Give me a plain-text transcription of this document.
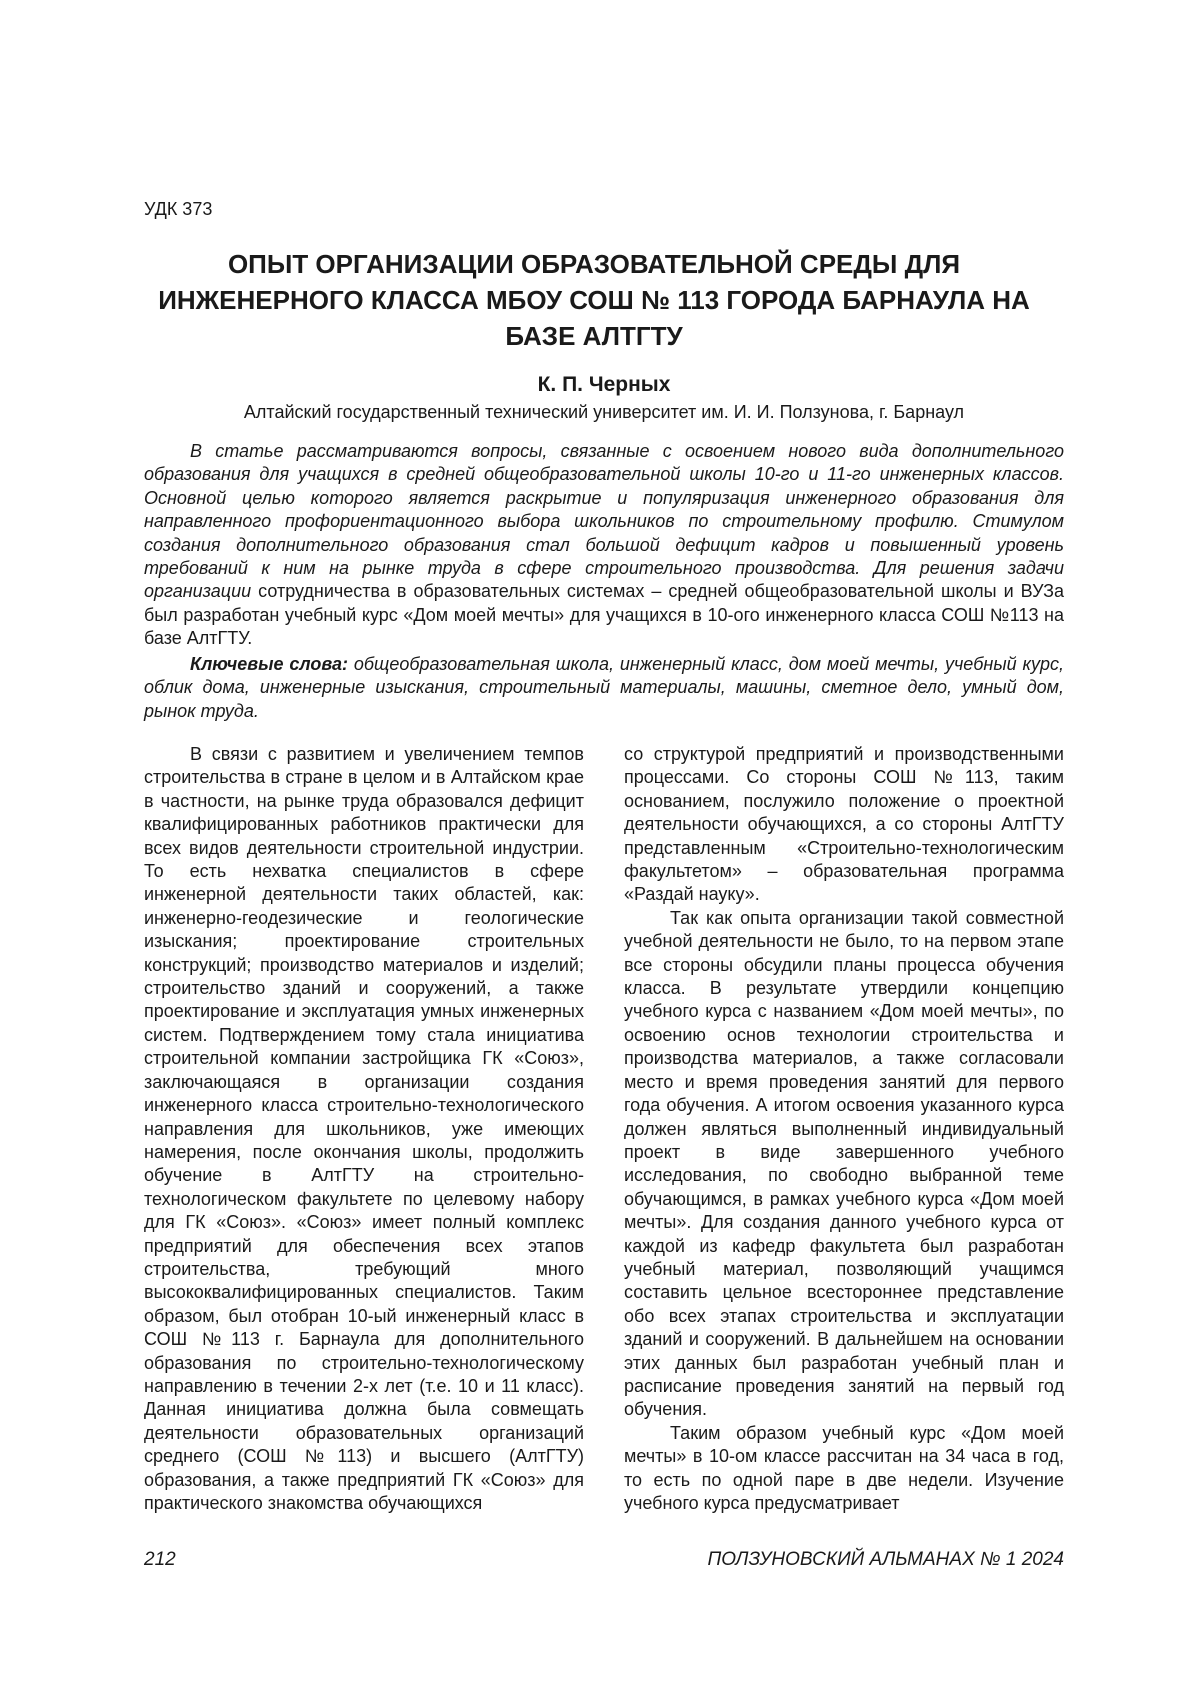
УДК 373

ОПЫТ ОРГАНИЗАЦИИ ОБРАЗОВАТЕЛЬНОЙ СРЕДЫ ДЛЯ ИНЖЕНЕРНОГО КЛАССА МБОУ СОШ № 113 ГОРОДА БАРНАУЛА НА БАЗЕ АЛТГТУ

К. П. Черных

Алтайский государственный технический университет им. И. И. Ползунова, г. Барнаул

В статье рассматриваются вопросы, связанные с освоением нового вида дополнительного образования для учащихся в средней общеобразовательной школы 10-го и 11-го инженерных классов. Основной целью которого является раскрытие и популяризация инженерного образования для направленного профориентационного выбора школьников по строительному профилю. Стимулом создания дополнительного образования стал большой дефицит кадров и повышенный уровень требований к ним на рынке труда в сфере строительного производства. Для решения задачи организации сотрудничества в образовательных системах – средней общеобразовательной школы и ВУЗа был разработан учебный курс «Дом моей мечты» для учащихся в 10-ого инженерного класса СОШ №113 на базе АлтГТУ.

Ключевые слова: общеобразовательная школа, инженерный класс, дом моей мечты, учебный курс, облик дома, инженерные изыскания, строительный материалы, машины, сметное дело, умный дом, рынок труда.

В связи с развитием и увеличением темпов строительства в стране в целом и в Алтайском крае в частности, на рынке труда образовался дефицит квалифицированных работников практически для всех видов деятельности строительной индустрии. То есть нехватка специалистов в сфере инженерной деятельности таких областей, как: инженерно-геодезические и геологические изыскания; проектирование строительных конструкций; производство материалов и изделий; строительство зданий и сооружений, а также проектирование и эксплуатация умных инженерных систем. Подтверждением тому стала инициатива строительной компании застройщика ГК «Союз», заключающаяся в организации создания инженерного класса строительно-технологического направления для школьников, уже имеющих намерения, после окончания школы, продолжить обучение в АлтГТУ на строительно-технологическом факультете по целевому набору для ГК «Союз». «Союз» имеет полный комплекс предприятий для обеспечения всех этапов строительства, требующий много высококвалифицированных специалистов. Таким образом, был отобран 10-ый инженерный класс в СОШ №113 г. Барнаула для дополнительного образования по строительно-технологическому направлению в течении 2-х лет (т.е. 10 и 11 класс). Данная инициатива должна была совмещать деятельности образовательных организаций среднего (СОШ №113) и высшего (АлтГТУ) образования, а также предприятий ГК «Союз» для практического знакомства обучающихся

со структурой предприятий и производственными процессами. Со стороны СОШ №113, таким основанием, послужило положение о проектной деятельности обучающихся, а со стороны АлтГТУ представленным «Строительно-технологическим факультетом» – образовательная программа «Раздай науку».

Так как опыта организации такой совместной учебной деятельности не было, то на первом этапе все стороны обсудили планы процесса обучения класса. В результате утвердили концепцию учебного курса с названием «Дом моей мечты», по освоению основ технологии строительства и производства материалов, а также согласовали место и время проведения занятий для первого года обучения. А итогом освоения указанного курса должен являться выполненный индивидуальный проект в виде завершенного учебного исследования, по свободно выбранной теме обучающимся, в рамках учебного курса «Дом моей мечты». Для создания данного учебного курса от каждой из кафедр факультета был разработан учебный материал, позволяющий учащимся составить цельное всестороннее представление обо всех этапах строительства и эксплуатации зданий и сооружений. В дальнейшем на основании этих данных был разработан учебный план и расписание проведения занятий на первый год обучения.

Таким образом учебный курс «Дом моей мечты» в 10-ом классе рассчитан на 34 часа в год, то есть по одной паре в две недели. Изучение учебного курса предусматривает

212	ПОЛЗУНОВСКИЙ АЛЬМАНАХ № 1 2024
